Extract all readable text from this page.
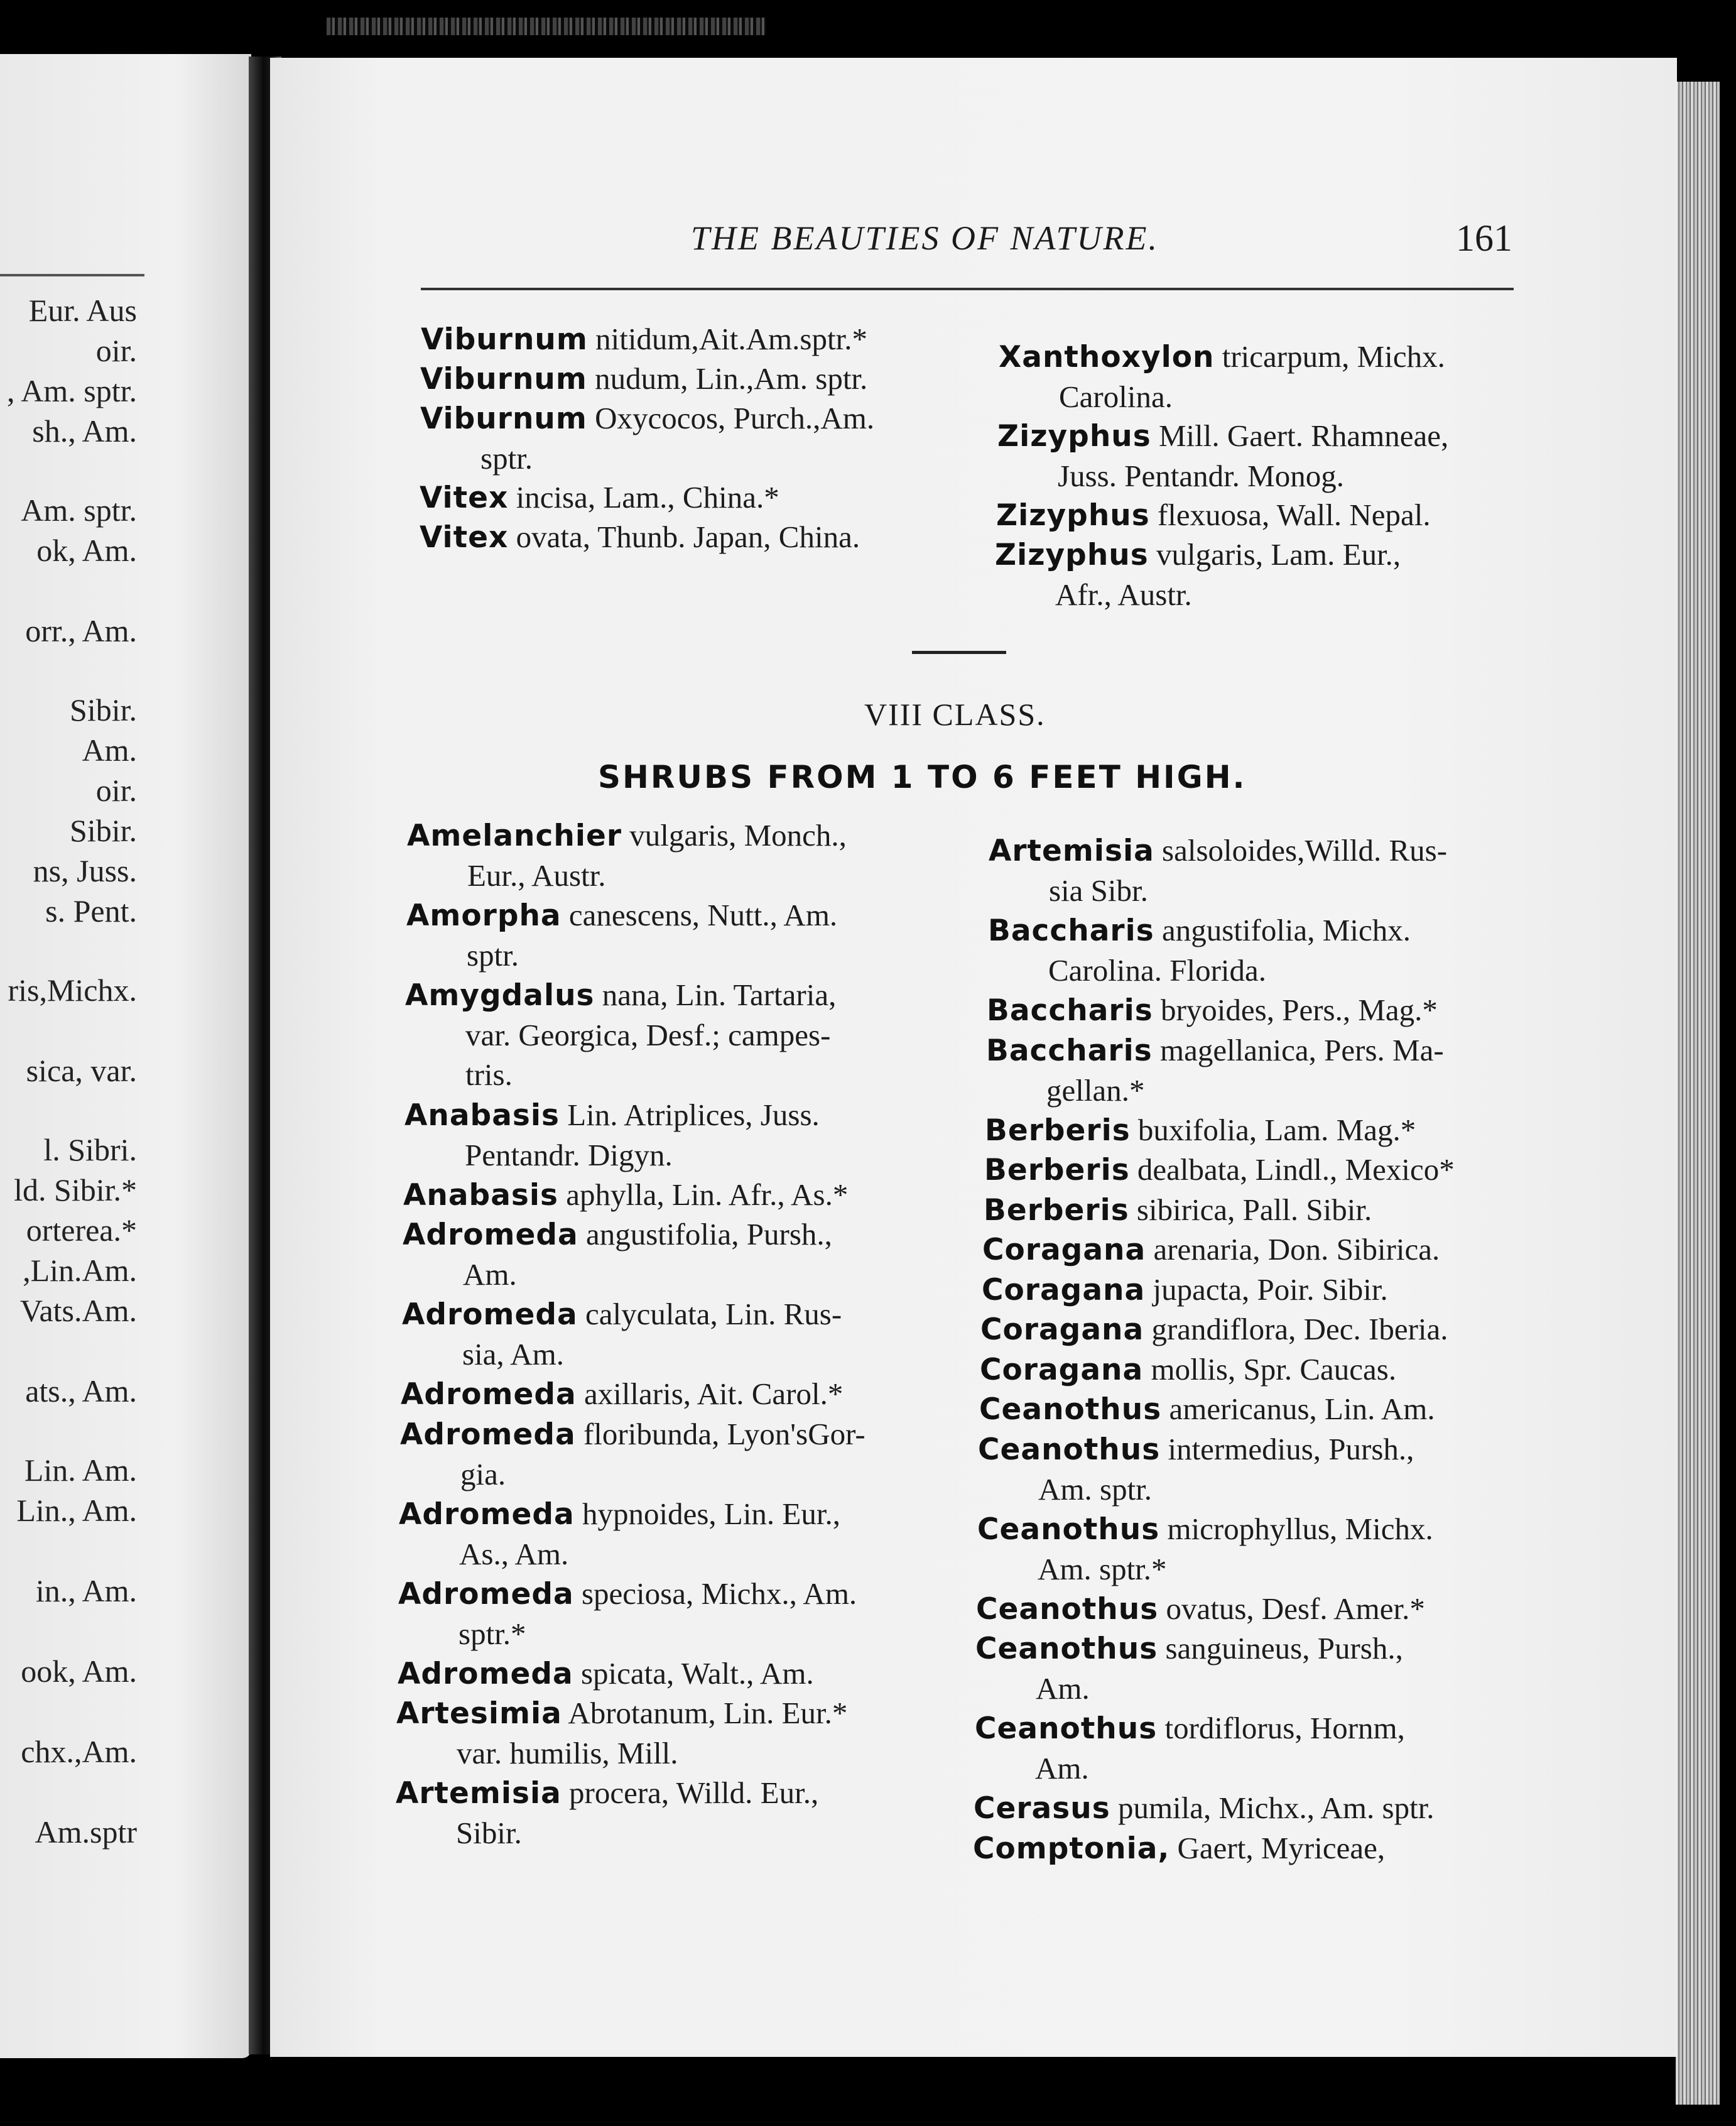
Eur. Aus
oir.
, Am. sptr.
sh., Am.
Am. sptr.
ok, Am.
orr., Am.
Sibir.
Am.
oir.
Sibir.
ns, Juss.
s. Pent.
ris,Michx.
sica, var.
l. Sibri.
ld. Sibir.*
orterea.*
,Lin.Am.
Vats.Am.
ats., Am.
Lin. Am.
Lin., Am.
in., Am.
ook, Am.
chx.,Am.
Am.sptr
THE BEAUTIES OF NATURE.	161
VIII CLASS.
SHRUBS FROM 1 TO 6 FEET HIGH.
Viburnum nitidum,Ait.Am.sptr.*
Viburnum nudum, Lin.,Am. sptr.
Viburnum Oxycocos, Purch.,Am.
sptr.
Vitex incisa, Lam., China.*
Vitex ovata, Thunb. Japan, China.
Xanthoxylon tricarpum, Michx.
Carolina.
Zizyphus Mill. Gaert. Rhamneae,
Juss. Pentandr. Monog.
Zizyphus flexuosa, Wall. Nepal.
Zizyphus vulgaris, Lam. Eur.,
Afr., Austr.
Amelanchier vulgaris, Monch.,
Eur., Austr.
Amorpha canescens, Nutt., Am.
sptr.
Amygdalus nana, Lin. Tartaria,
var. Georgica, Desf.; campes-
tris.
Anabasis Lin. Atriplices, Juss.
Pentandr. Digyn.
Anabasis aphylla, Lin. Afr., As.*
Adromeda angustifolia, Pursh.,
Am.
Adromeda calyculata, Lin. Rus-
sia, Am.
Adromeda axillaris, Ait. Carol.*
Adromeda floribunda, Lyon'sGor-
gia.
Adromeda hypnoides, Lin. Eur.,
As., Am.
Adromeda speciosa, Michx., Am.
sptr.*
Adromeda spicata, Walt., Am.
Artesimia Abrotanum, Lin. Eur.*
var. humilis, Mill.
Artemisia procera, Willd. Eur.,
Sibir.
Artemisia salsoloides,Willd. Rus-
sia Sibr.
Baccharis angustifolia, Michx.
Carolina. Florida.
Baccharis bryoides, Pers., Mag.*
Baccharis magellanica, Pers. Ma-
gellan.*
Berberis buxifolia, Lam. Mag.*
Berberis dealbata, Lindl., Mexico*
Berberis sibirica, Pall. Sibir.
Coragana arenaria, Don. Sibirica.
Coragana jupacta, Poir. Sibir.
Coragana grandiflora, Dec. Iberia.
Coragana mollis, Spr. Caucas.
Ceanothus americanus, Lin. Am.
Ceanothus intermedius, Pursh.,
Am. sptr.
Ceanothus microphyllus, Michx.
Am. sptr.*
Ceanothus ovatus, Desf. Amer.*
Ceanothus sanguineus, Pursh.,
Am.
Ceanothus tordiflorus, Hornm,
Am.
Cerasus pumila, Michx., Am. sptr.
Comptonia, Gaert, Myriceae,
